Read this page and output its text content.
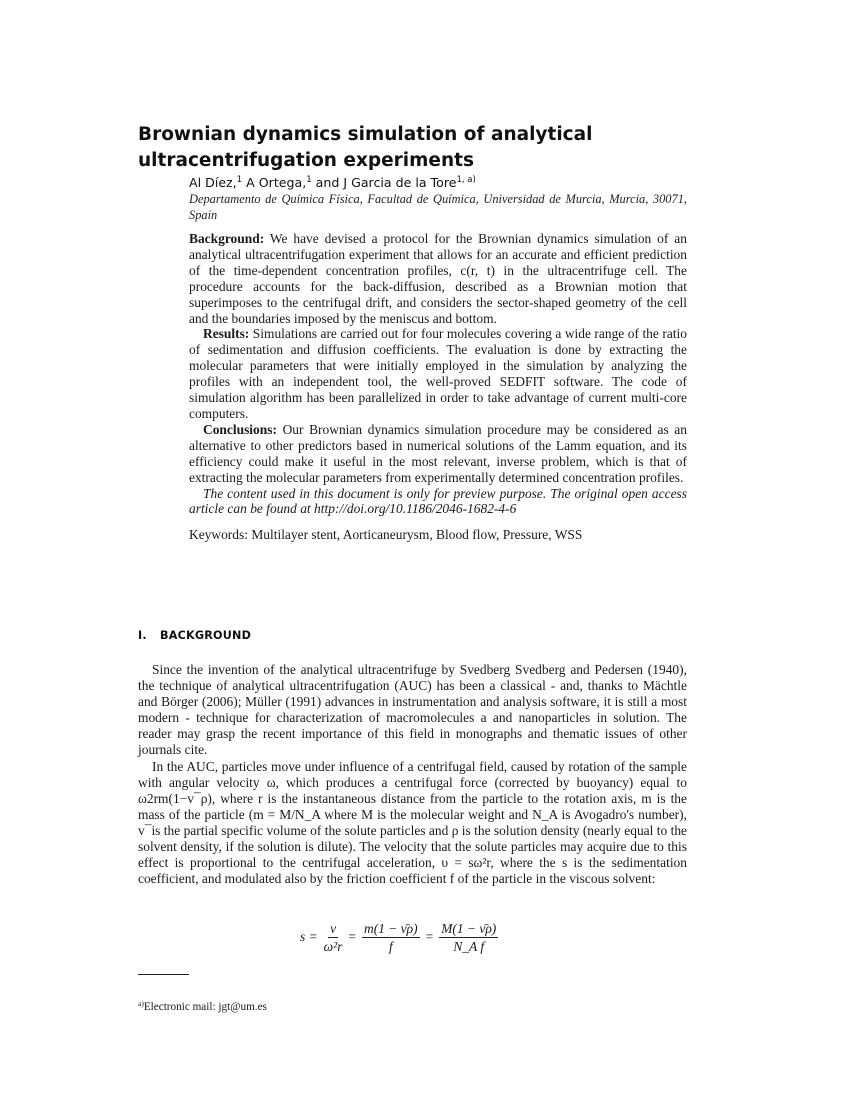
Brownian dynamics simulation of analytical ultracentrifugation experiments
Al Díez,$^1$ A Ortega,$^1$ and J Garcia de la Tore$^{1, a)}$
Departamento de Química Física, Facultad de Química, Universidad de Murcia, Murcia, 30071, Spain

Background: We have devised a protocol for the Brownian dynamics simulation of an analytical ultracentrifugation experiment that allows for an accurate and efficient prediction of the time-dependent concentration profiles, c(r, t) in the ultracentrifuge cell. The procedure accounts for the back-diffusion, described as a Brownian motion that superimposes to the centrifugal drift, and considers the sector-shaped geometry of the cell and the boundaries imposed by the meniscus and bottom.

Results: Simulations are carried out for four molecules covering a wide range of the ratio of sedimentation and diffusion coefficients. The evaluation is done by extracting the molecular parameters that were initially employed in the simulation by analyzing the profiles with an independent tool, the well-proved SEDFIT software. The code of simulation algorithm has been parallelized in order to take advantage of current multi-core computers.

Conclusions: Our Brownian dynamics simulation procedure may be considered as an alternative to other predictors based in numerical solutions of the Lamm equation, and its efficiency could make it useful in the most relevant, inverse problem, which is that of extracting the molecular parameters from experimentally determined concentration profiles.

The content used in this document is only for preview purpose. The original open access article can be found at http://doi.org/10.1186/2046-1682-4-6

Keywords: Multilayer stent, Aorticaneurysm, Blood flow, Pressure, WSS
I. BACKGROUND

Since the invention of the analytical ultracentrifuge by Svedberg Svedberg and Pedersen (1940), the technique of analytical ultracentrifugation (AUC) has been a classical - and, thanks to Mächtle and Börger (2006); Müller (1991) advances in instrumentation and analysis software, it is still a most modern - technique for characterization of macromolecules a and nanoparticles in solution. The reader may grasp the recent importance of this field in monographs and thematic issues of other journals cite.

In the AUC, particles move under influence of a centrifugal field, caused by rotation of the sample with angular velocity ω, which produces a centrifugal force (corrected by buoyancy) equal to ω2rm(1−v¯ρ), where r is the instantaneous distance from the particle to the rotation axis, m is the mass of the particle (m = M/N_A where M is the molecular weight and N_A is Avogadro's number), v¯is the partial specific volume of the solute particles and ρ is the solution density (nearly equal to the solvent density, if the solution is dilute). The velocity that the solute particles may acquire due to this effect is proportional to the centrifugal acceleration, υ = sω²r, where the s is the sedimentation coefficient, and modulated also by the friction coefficient f of the particle in the viscous solvent:

$s = \frac{\nu}{\text{ω²r}} = \frac{m(1 - \nū\rho)}{f} = \frac{M(1 - \nū\rho)}{\text{N\_A f}}$
$^{a)}$Electronic mail: jgt@um.es
